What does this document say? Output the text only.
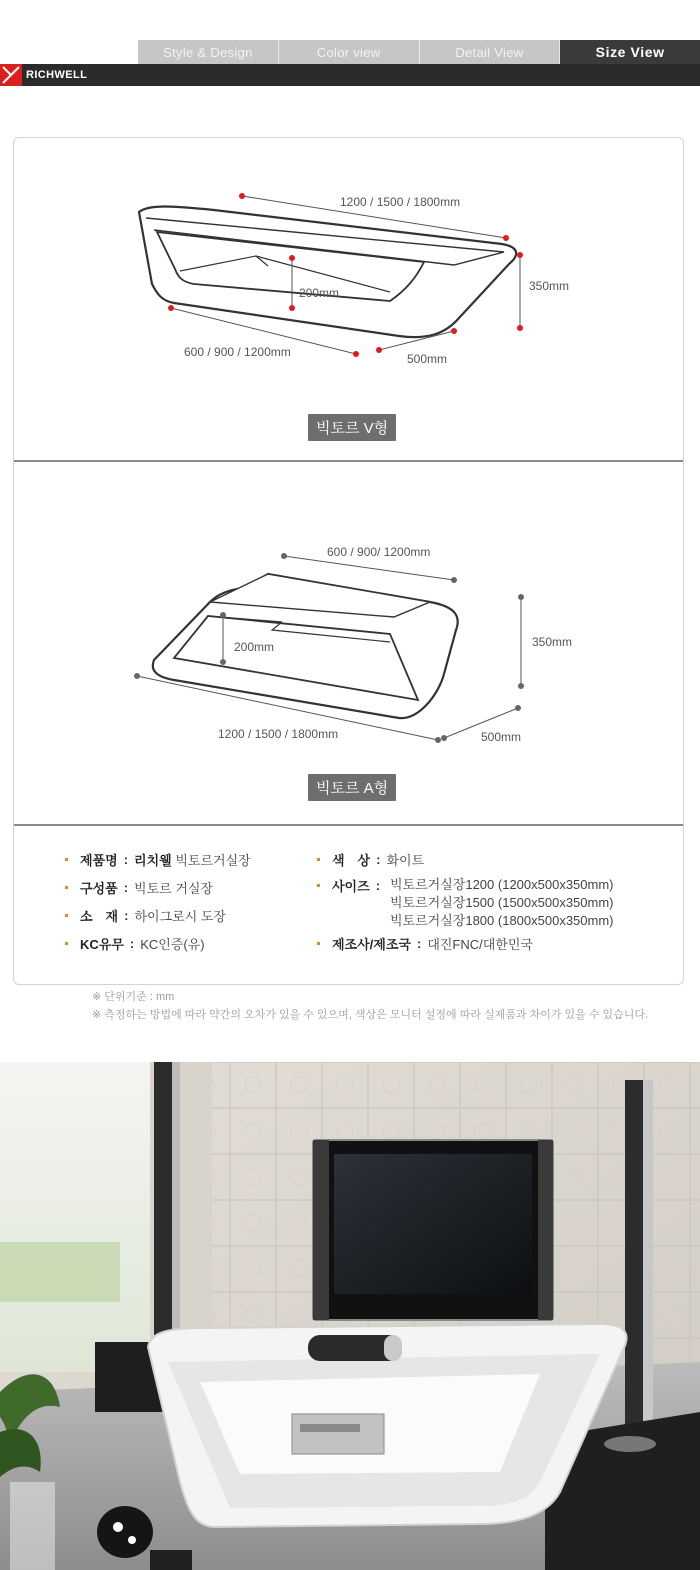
Style & Design	Color view	Detail View	Size View
RICHWELL
1200 / 1500 / 1800mm
350mm
200mm
600 / 900 / 1200mm	500mm
빅토르 V형
600 / 900/ 1200mm
350mm
200mm
1200 / 1500 / 1800mm	500mm
빅토르 A형
제품명 : 리치웰
빅토르거실장
구성품 : 빅토르 거실장
소　재 : 하이그로시 도장
KC유무 : KC인증(유)
색　상 : 화이트
사이즈 : 빅토르거실장1200 (1200x500x350mm)
빅토르거실장1500 (1500x500x350mm)
빅토르거실장1800 (1800x500x350mm)
제조사/제조국 : 대진FNC/대한민국
※ 단위기준 : mm
※ 측정하는 방법에 따라 약간의 오차가 있을 수 있으며, 색상은 모니터 설정에 따라 실제품과 차이가 있을 수 있습니다.
